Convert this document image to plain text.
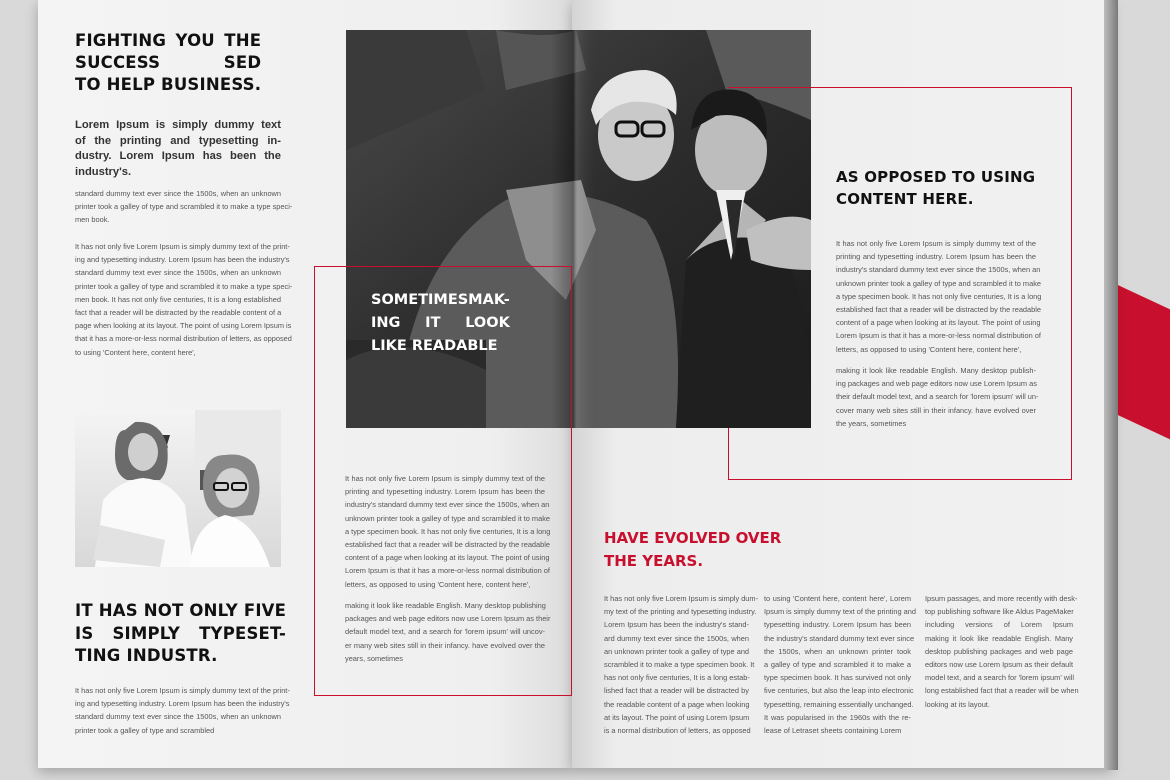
FIGHTING YOU THE
SUCCESS SED
TO HELP BUSINESS.
Lorem Ipsum is simply dummy text
of the printing and typesetting in-
dustry. Lorem Ipsum has been the
industry's.
standard dummy text ever since the 1500s, when an unknown
printer took a galley of type and scrambled it to make a type speci-
men book.
It has not only five Lorem Ipsum is simply dummy text of the print-
ing and typesetting industry. Lorem Ipsum has been the industry's
standard dummy text ever since the 1500s, when an unknown
printer took a galley of type and scrambled it to make a type speci-
men book. It has not only five centuries, It is a long established
fact that a reader will be distracted by the readable content of a
page when looking at its layout. The point of using Lorem Ipsum is
that it has a more-or-less normal distribution of letters, as opposed
to using 'Content here, content here',
IT HAS NOT ONLY FIVE
IS SIMPLY TYPESET-
TING INDUSTR.
It has not only five Lorem Ipsum is simply dummy text of the print-
ing and typesetting industry. Lorem Ipsum has been the industry's
standard dummy text ever since the 1500s, when an unknown
printer took a galley of type and scrambled
SOMETIMESMAK-
ING IT LOOK
LIKE READABLE
It has not only five Lorem Ipsum is simply dummy text of the
printing and typesetting industry. Lorem Ipsum has been the
industry's standard dummy text ever since the 1500s, when an
unknown printer took a galley of type and scrambled it to make
a type specimen book. It has not only five centuries, It is a long
established fact that a reader will be distracted by the readable
content of a page when looking at its layout. The point of using
Lorem Ipsum is that it has a more-or-less normal distribution of
letters, as opposed to using 'Content here, content here',
making it look like readable English. Many desktop publishing
packages and web page editors now use Lorem Ipsum as their
default model text, and a search for 'lorem ipsum' will uncov-
er many web sites still in their infancy. have evolved over the
years, sometimes
AS OPPOSED TO USING
CONTENT HERE.
It has not only five Lorem Ipsum is simply dummy text of the
printing and typesetting industry. Lorem Ipsum has been the
industry's standard dummy text ever since the 1500s, when an
unknown printer took a galley of type and scrambled it to make
a type specimen book. It has not only five centuries, It is a long
established fact that a reader will be distracted by the readable
content of a page when looking at its layout. The point of using
Lorem Ipsum is that it has a more-or-less normal distribution of
letters, as opposed to using 'Content here, content here',
making it look like readable English. Many desktop publish-
ing packages and web page editors now use Lorem Ipsum as
their default model text, and a search for 'lorem ipsum' will un-
cover many web sites still in their infancy. have evolved over
the years, sometimes
HAVE EVOLVED OVER
THE YEARS.
It has not only five Lorem Ipsum is simply dum-
my text of the printing and typesetting industry.
Lorem Ipsum has been the industry's stand-
ard dummy text ever since the 1500s, when
an unknown printer took a galley of type and
scrambled it to make a type specimen book. It
has not only five centuries, It is a long estab-
lished fact that a reader will be distracted by
the readable content of a page when looking
at its layout. The point of using Lorem Ipsum
is a normal distribution of letters, as opposed
to using 'Content here, content here', Lorem
Ipsum is simply dummy text of the printing and
typesetting industry. Lorem Ipsum has been
the industry's standard dummy text ever since
the 1500s, when an unknown printer took
a galley of type and scrambled it to make a
type specimen book. It has survived not only
five centuries, but also the leap into electronic
typesetting, remaining essentially unchanged.
It was popularised in the 1960s with the re-
lease of Letraset sheets containing Lorem
Ipsum passages, and more recently with desk-
top publishing software like Aldus PageMaker
including versions of Lorem Ipsum
making it look like readable English. Many
desktop publishing packages and web page
editors now use Lorem Ipsum as their default
model text, and a search for 'lorem ipsum' will
long established fact that a reader will be when
looking at its layout.
